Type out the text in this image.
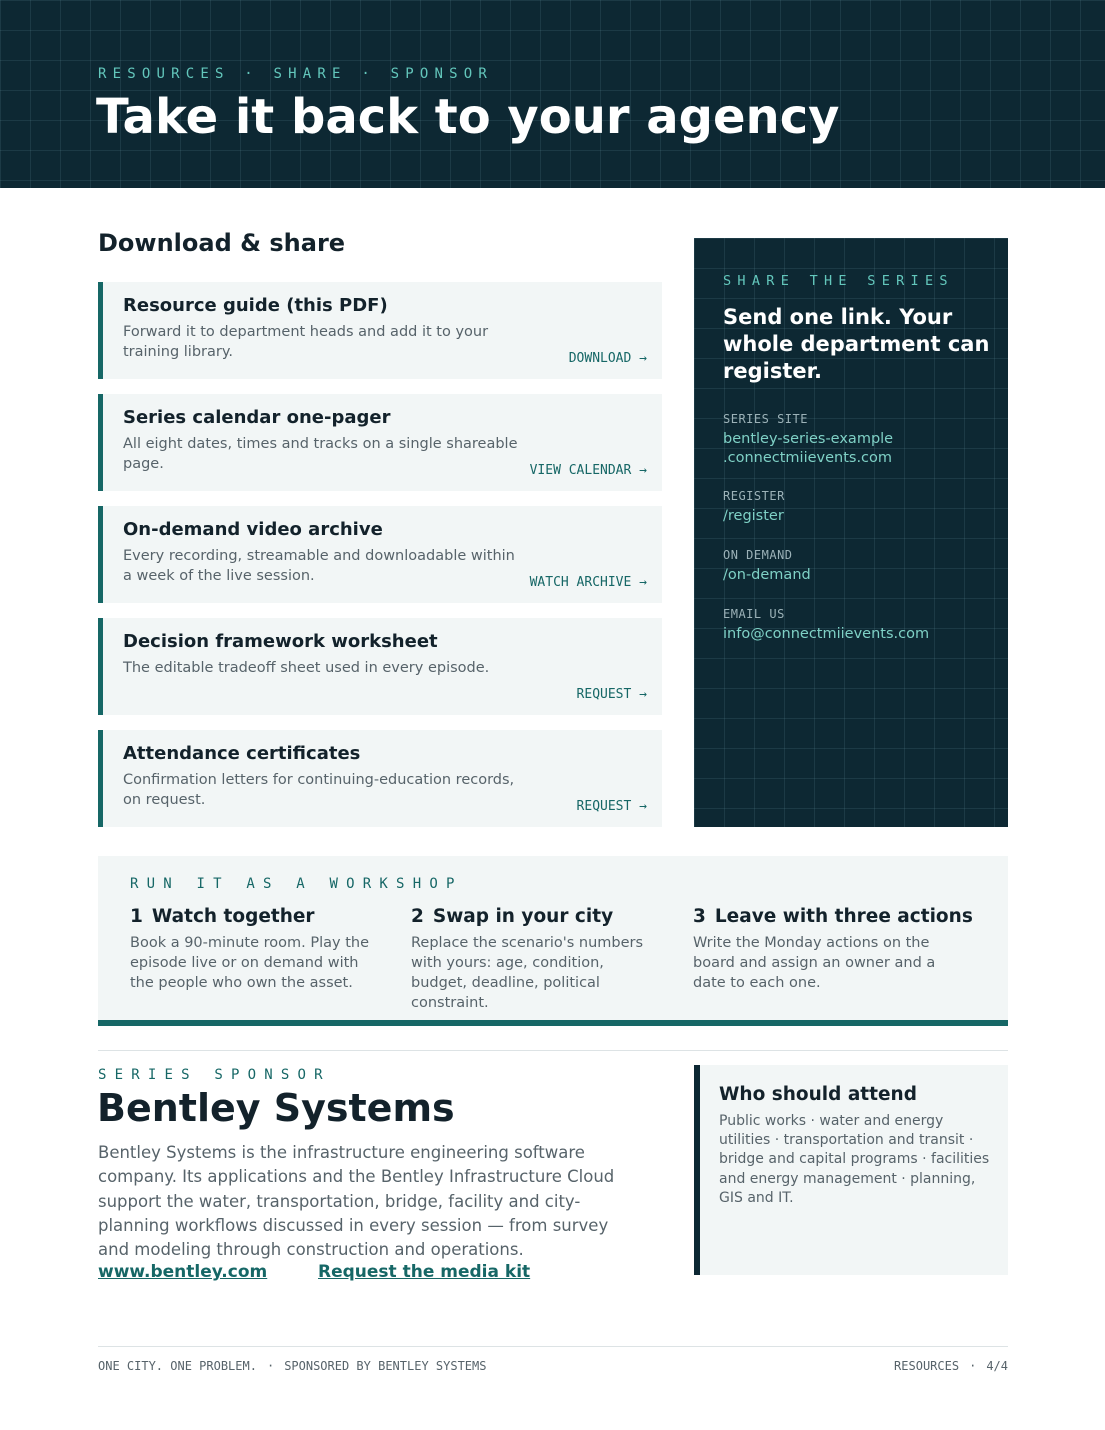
RESOURCES · SHARE · SPONSOR
Take it back to your agency
Download & share
Resource guide (this PDF)
Forward it to department heads and add it to your training library.	DOWNLOAD →
Series calendar one-pager
All eight dates, times and tracks on a single shareable page.	VIEW CALENDAR →
On-demand video archive
Every recording, streamable and downloadable within a week of the live session.	WATCH ARCHIVE →
Decision framework worksheet
The editable tradeoff sheet used in every episode.
REQUEST →
Attendance certificates
Confirmation letters for continuing-education records, on request.	REQUEST →
SHARE THE SERIES
Send one link. Your whole department can register.
SERIES SITE
bentley-series-example
.connectmiievents.com
REGISTER
/register
ON DEMAND
/on-demand
EMAIL US
info@connectmiievents.com
RUN IT AS A WORKSHOP
1 Watch together
Book a 90-minute room. Play the episode live or on demand with the people who own the asset.
2 Swap in your city
Replace the scenario's numbers with yours: age, condition, budget, deadline, political constraint.
3 Leave with three actions
Write the Monday actions on the board and assign an owner and a date to each one.
SERIES SPONSOR
Bentley Systems
Bentley Systems is the infrastructure engineering software company. Its applications and the Bentley Infrastructure Cloud support the water, transportation, bridge, facility and city-planning workflows discussed in every session — from survey and modeling through construction and operations.
www.bentley.com	Request the media kit
Who should attend
Public works · water and energy utilities · transportation and transit · bridge and capital programs · facilities and energy management · planning, GIS and IT.
ONE CITY. ONE PROBLEM. · SPONSORED BY BENTLEY SYSTEMS	RESOURCES · 4/4
